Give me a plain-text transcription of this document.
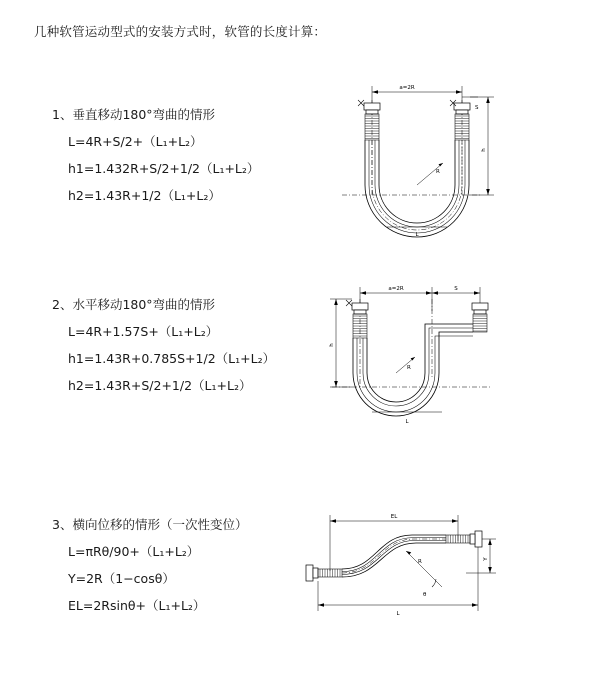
几种软管运动型式的安装方式时，软管的长度计算：

1、垂直移动180°弯曲的情形

L=4R+S/2+（L₁+L₂）

h1=1.432R+S/2+1/2（L₁+L₂）

h2=1.43R+1/2（L₁+L₂）

a=2R
R
h
S
L

2、水平移动180°弯曲的情形

L=4R+1.57S+（L₁+L₂）

h1=1.43R+0.785S+1/2（L₁+L₂）

h2=1.43R+S/2+1/2（L₁+L₂）

a=2R	S
R
h
L

3、横向位移的情形（一次性变位）

L=πRθ/90+（L₁+L₂）

Y=2R（1−cosθ）

EL=2Rsinθ+（L₁+L₂）

EL
θ
R	Y
L
